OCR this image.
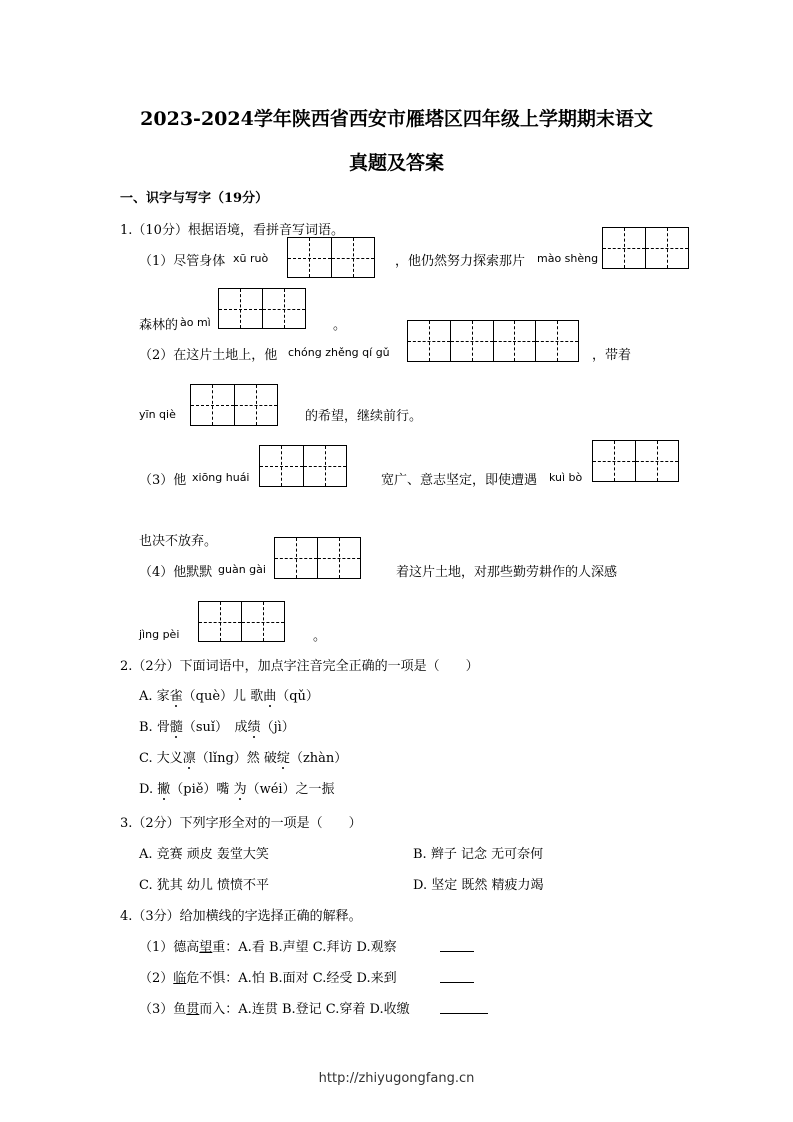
2023-2024学年陕西省西安市雁塔区四年级上学期期末语文
真题及答案
一、识字与写字（19分）
1.（10分）根据语境，看拼音写词语。
（1）尽管身体 xū ruò	，他仍然努力探索那片 mào shèng
森林的 ào mì	。
（2）在这片土地上，他 chóng zhěng qí gǔ	，带着
yīn qiè	的希望，继续前行。
（3）他 xiōng huái	宽广、意志坚定，即使遭遇 kuì bò
也决不放弃。
（4）他默默 guàn gài	着这片土地，对那些勤劳耕作的人深感
jìng pèi	。
2.（2分）下面词语中，加点字注音完全正确的一项是（　　）
A. 家雀（què）儿 歌曲（qǔ）
B. 骨髓（suǐ）　成绩（jì）
C. 大义凛（lǐng）然 破绽（zhàn）
D. 撇（piě）嘴 为（wéi）之一振
3.（2分）下列字形全对的一项是（　　）
A. 竞赛 顽皮 轰堂大笑	B. 辫子 记念 无可奈何
C. 犹其 幼儿 愤愤不平	D. 坚定 既然 精疲力竭
4.（3分）给加横线的字选择正确的解释。
（1）德高望重：A.看 B.声望 C.拜访 D.观察
（2）临危不惧：A.怕 B.面对 C.经受 D.来到
（3）鱼贯而入：A.连贯 B.登记 C.穿着 D.收缴
http://zhiyugongfang.cn
